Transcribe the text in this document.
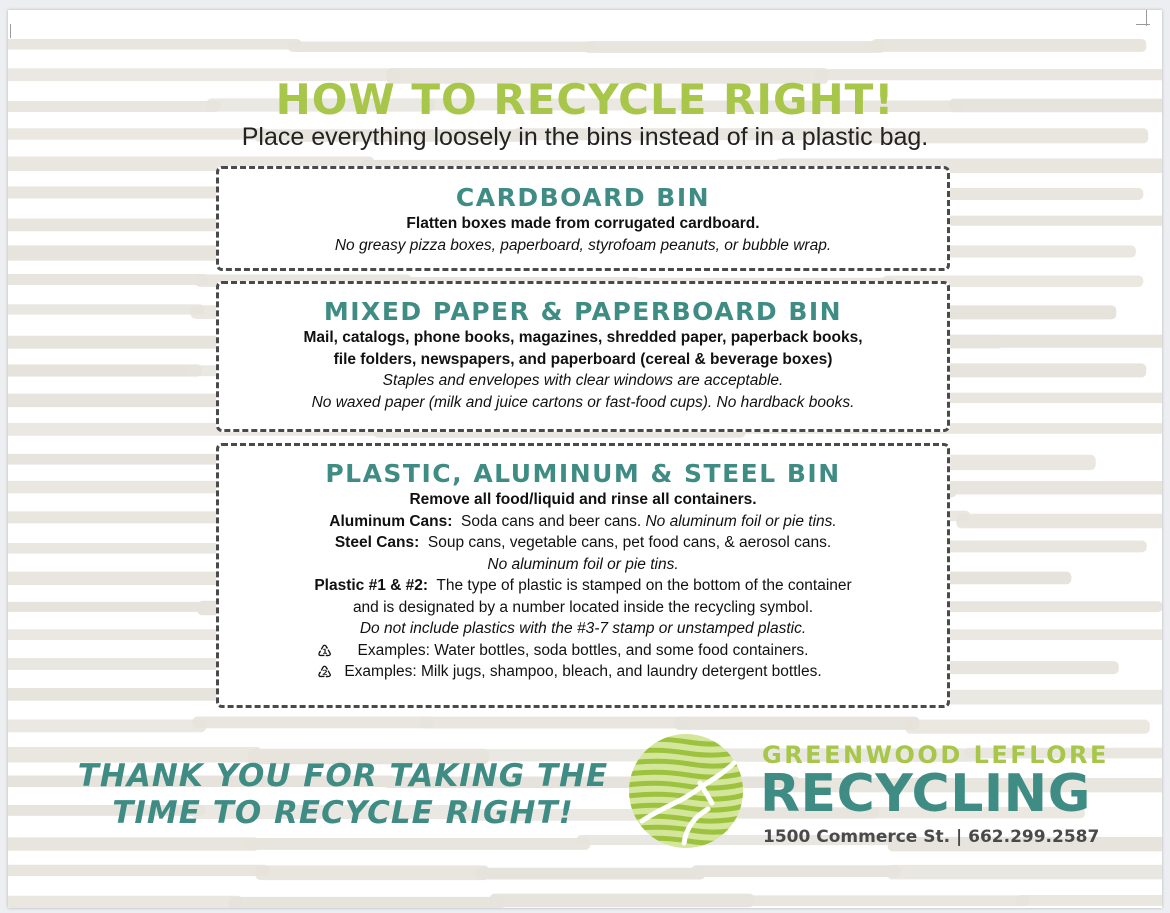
HOW TO RECYCLE RIGHT!

Place everything loosely in the bins instead of in a plastic bag.

CARDBOARD BIN

Flatten boxes made from corrugated cardboard.

No greasy pizza boxes, paperboard, styrofoam peanuts, or bubble wrap.

MIXED PAPER & PAPERBOARD BIN

Mail, catalogs, phone books, magazines, shredded paper, paperback books,

file folders, newspapers, and paperboard (cereal & beverage boxes)

Staples and envelopes with clear windows are acceptable.

No waxed paper (milk and juice cartons or fast-food cups). No hardback books.

PLASTIC, ALUMINUM & STEEL BIN

Remove all food/liquid and rinse all containers.

Aluminum Cans: Soda cans and beer cans. No aluminum foil or pie tins.

Steel Cans: Soup cans, vegetable cans, pet food cans, & aerosol cans.

No aluminum foil or pie tins.

Plastic #1 & #2: The type of plastic is stamped on the bottom of the container

and is designated by a number located inside the recycling symbol.

Do not include plastics with the #3-7 stamp or unstamped plastic.

♳ Examples: Water bottles, soda bottles, and some food containers.

♴ Examples: Milk jugs, shampoo, bleach, and laundry detergent bottles.

THANK YOU FOR TAKING THE
TIME TO RECYCLE RIGHT!

GREENWOOD LEFLORE
RECYCLING
1500 Commerce St. | 662.299.2587
